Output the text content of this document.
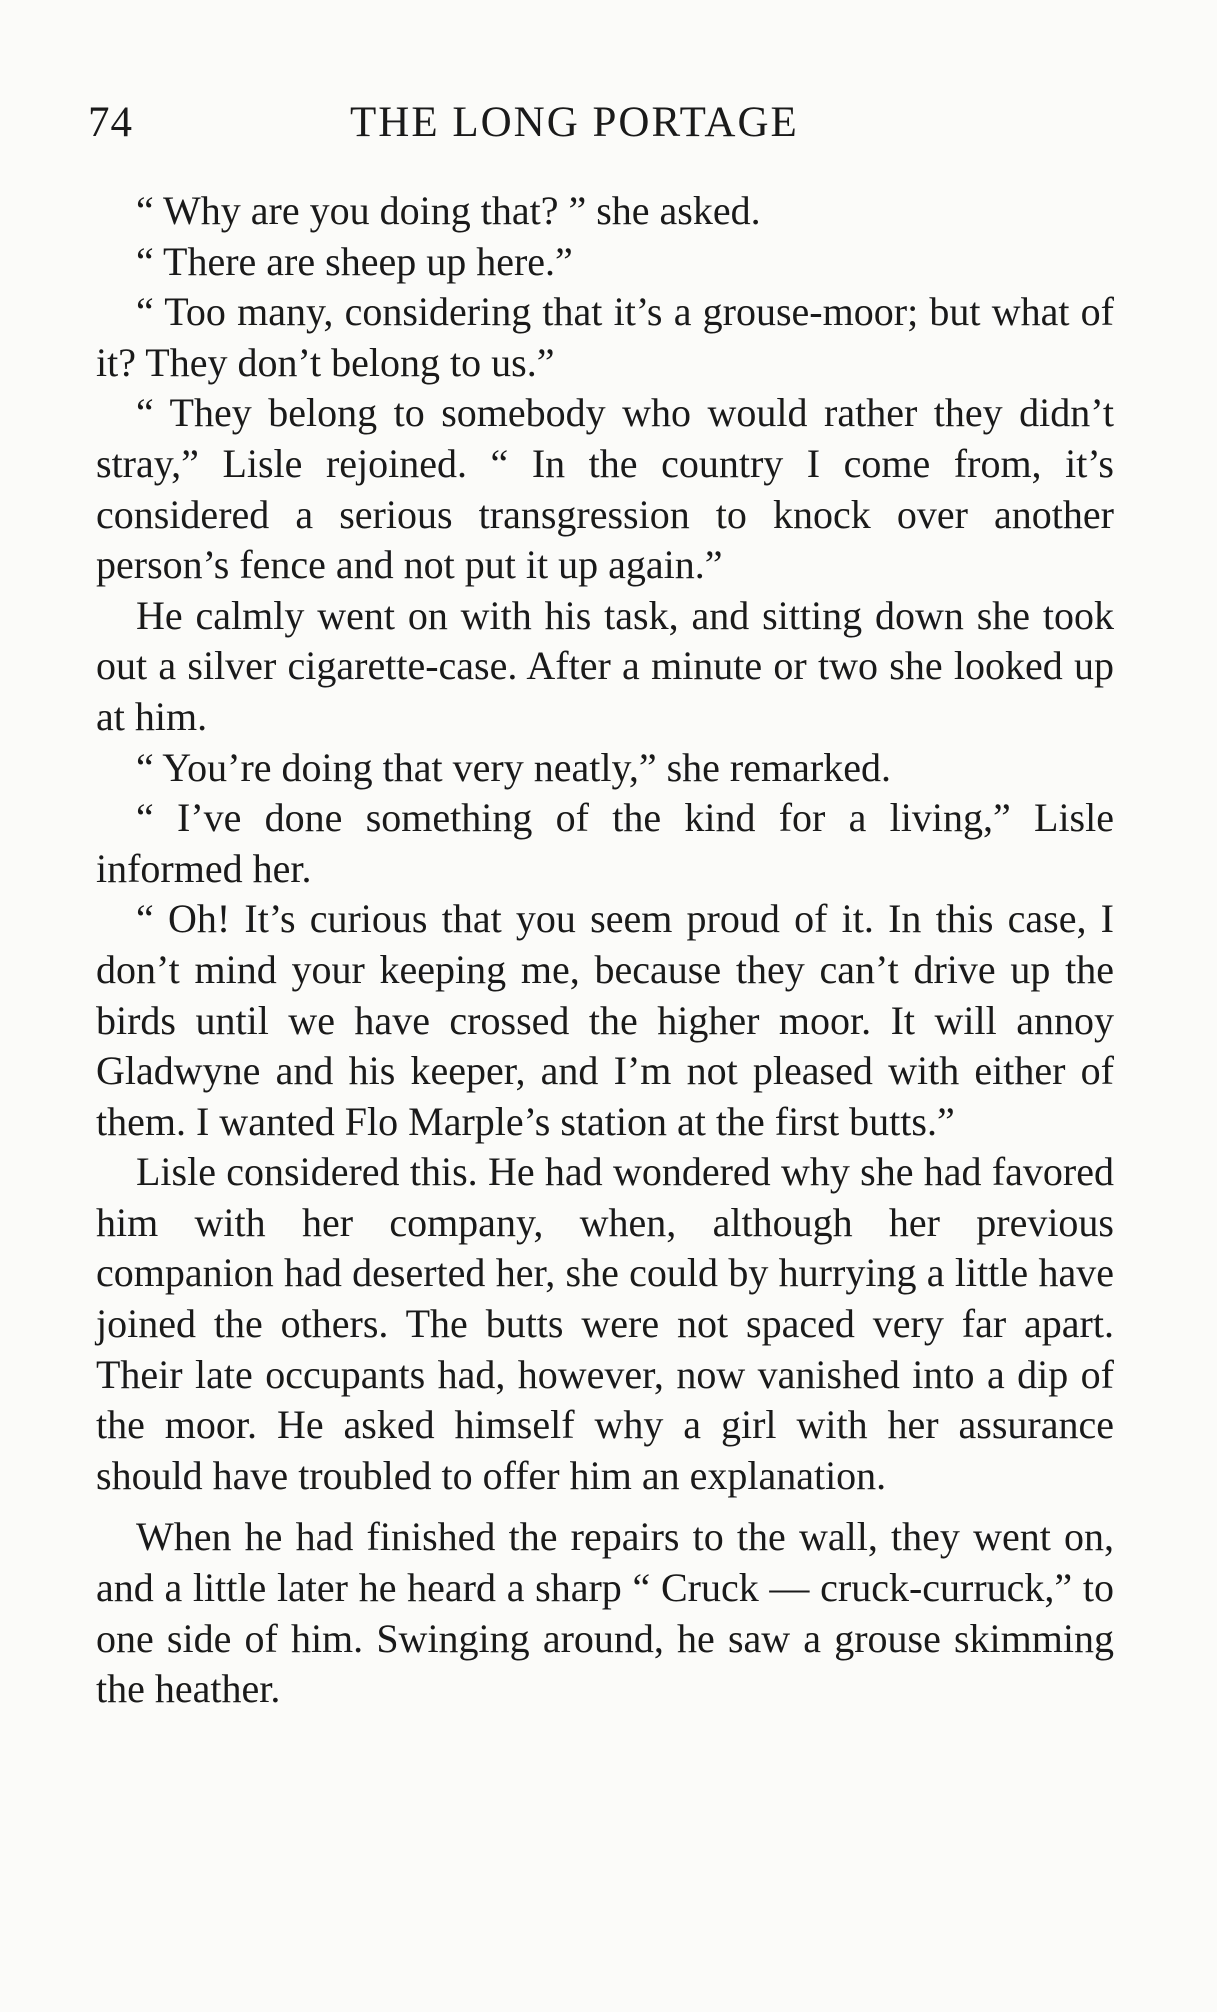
74	THE LONG PORTAGE

“ Why are you doing that? ” she asked.

“ There are sheep up here.”

“ Too many, considering that it’s a grouse-moor; but what of it? They don’t belong to us.”

“ They belong to somebody who would rather they didn’t stray,” Lisle rejoined. “ In the country I come from, it’s considered a serious transgression to knock over another person’s fence and not put it up again.”

He calmly went on with his task, and sitting down she took out a silver cigarette-case. After a minute or two she looked up at him.

“ You’re doing that very neatly,” she remarked.

“ I’ve done something of the kind for a living,” Lisle informed her.

“ Oh! It’s curious that you seem proud of it. In this case, I don’t mind your keeping me, because they can’t drive up the birds until we have crossed the higher moor. It will annoy Gladwyne and his keeper, and I’m not pleased with either of them. I wanted Flo Marple’s station at the first butts.”

Lisle considered this. He had wondered why she had favored him with her company, when, although her previous companion had deserted her, she could by hurrying a little have joined the others. The butts were not spaced very far apart. Their late occupants had, however, now vanished into a dip of the moor. He asked himself why a girl with her assurance should have troubled to offer him an explanation.

When he had finished the repairs to the wall, they went on, and a little later he heard a sharp “ Cruck — cruck-curruck,” to one side of him. Swinging around, he saw a grouse skimming the heather.
